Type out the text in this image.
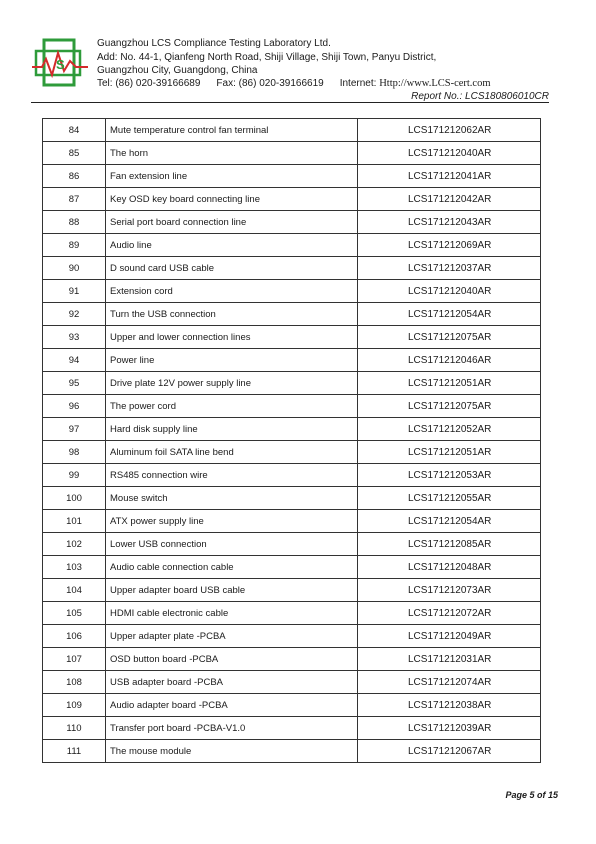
S
Guangzhou LCS Compliance Testing Laboratory Ltd.
Add: No. 44-1, Qianfeng North Road, Shiji Village, Shiji Town, Panyu District,
Guangzhou City, Guangdong, China
Tel: (86) 020-39166689 Fax: (86) 020-39166619 Internet: Http://www.LCS-cert.com
Report No.: LCS180806010CR
84	Mute temperature control fan terminal	LCS171212062AR
85	The horn	LCS171212040AR
86	Fan extension line	LCS171212041AR
87	Key OSD key board connecting line	LCS171212042AR
88	Serial port board connection line	LCS171212043AR
89	Audio line	LCS171212069AR
90	D sound card USB cable	LCS171212037AR
91	Extension cord	LCS171212040AR
92	Turn the USB connection	LCS171212054AR
93	Upper and lower connection lines	LCS171212075AR
94	Power line	LCS171212046AR
95	Drive plate 12V power supply line	LCS171212051AR
96	The power cord	LCS171212075AR
97	Hard disk supply line	LCS171212052AR
98	Aluminum foil SATA line bend	LCS171212051AR
99	RS485 connection wire	LCS171212053AR
100	Mouse switch	LCS171212055AR
101	ATX power supply line	LCS171212054AR
102	Lower USB connection	LCS171212085AR
103	Audio cable connection cable	LCS171212048AR
104	Upper adapter board USB cable	LCS171212073AR
105	HDMI cable electronic cable	LCS171212072AR
106	Upper adapter plate -PCBA	LCS171212049AR
107	OSD button board -PCBA	LCS171212031AR
108	USB adapter board -PCBA	LCS171212074AR
109	Audio adapter board -PCBA	LCS171212038AR
110	Transfer port board -PCBA-V1.0	LCS171212039AR
111	The mouse module	LCS171212067AR
Page 5 of 15
